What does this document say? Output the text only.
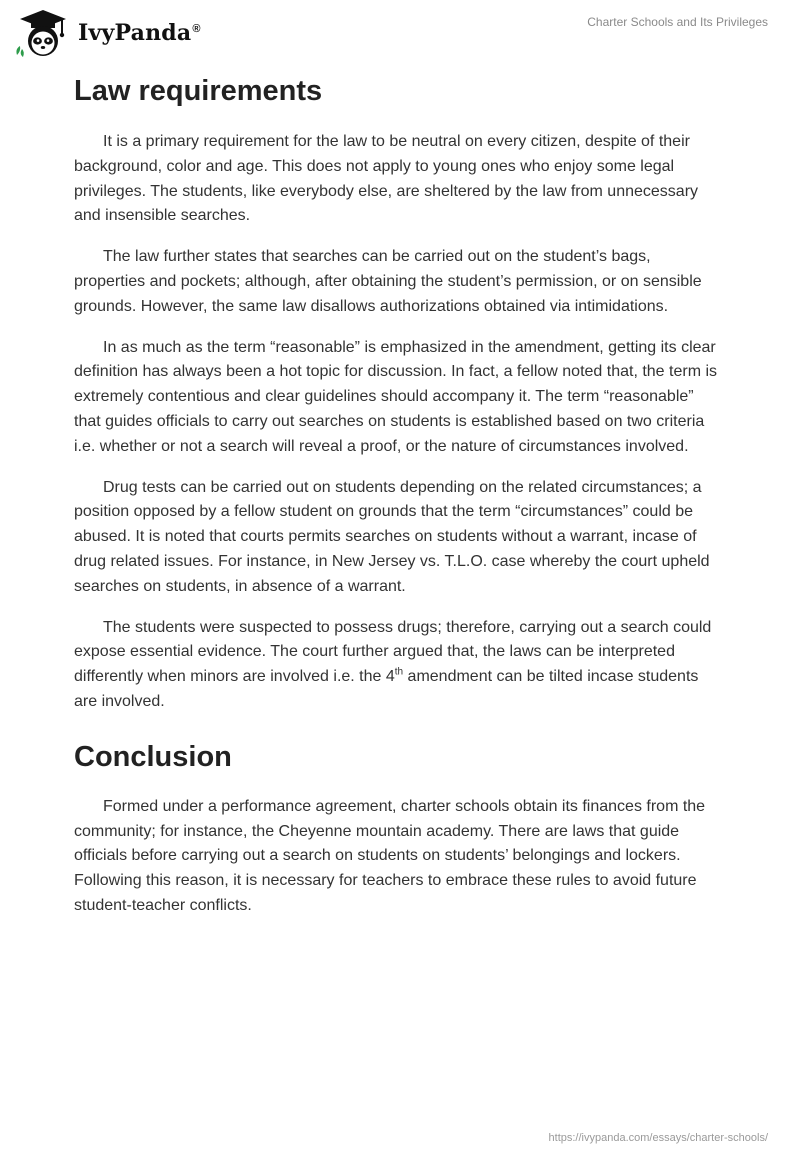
IvyPanda®	Charter Schools and Its Privileges
Law requirements

It is a primary requirement for the law to be neutral on every citizen, despite of their background, color and age. This does not apply to young ones who enjoy some legal privileges. The students, like everybody else, are sheltered by the law from unnecessary and insensible searches.

The law further states that searches can be carried out on the student’s bags, properties and pockets; although, after obtaining the student’s permission, or on sensible grounds. However, the same law disallows authorizations obtained via intimidations.

In as much as the term “reasonable” is emphasized in the amendment, getting its clear definition has always been a hot topic for discussion. In fact, a fellow noted that, the term is extremely contentious and clear guidelines should accompany it. The term “reasonable” that guides officials to carry out searches on students is established based on two criteria i.e. whether or not a search will reveal a proof, or the nature of circumstances involved.

Drug tests can be carried out on students depending on the related circumstances; a position opposed by a fellow student on grounds that the term “circumstances” could be abused. It is noted that courts permits searches on students without a warrant, incase of drug related issues. For instance, in New Jersey vs. T.L.O. case whereby the court upheld searches on students, in absence of a warrant.

The students were suspected to possess drugs; therefore, carrying out a search could expose essential evidence. The court further argued that, the laws can be interpreted differently when minors are involved i.e. the 4th amendment can be tilted incase students are involved.

Conclusion

Formed under a performance agreement, charter schools obtain its finances from the community; for instance, the Cheyenne mountain academy. There are laws that guide officials before carrying out a search on students on students’ belongings and lockers. Following this reason, it is necessary for teachers to embrace these rules to avoid future student-teacher conflicts.

https://ivypanda.com/essays/charter-schools/
